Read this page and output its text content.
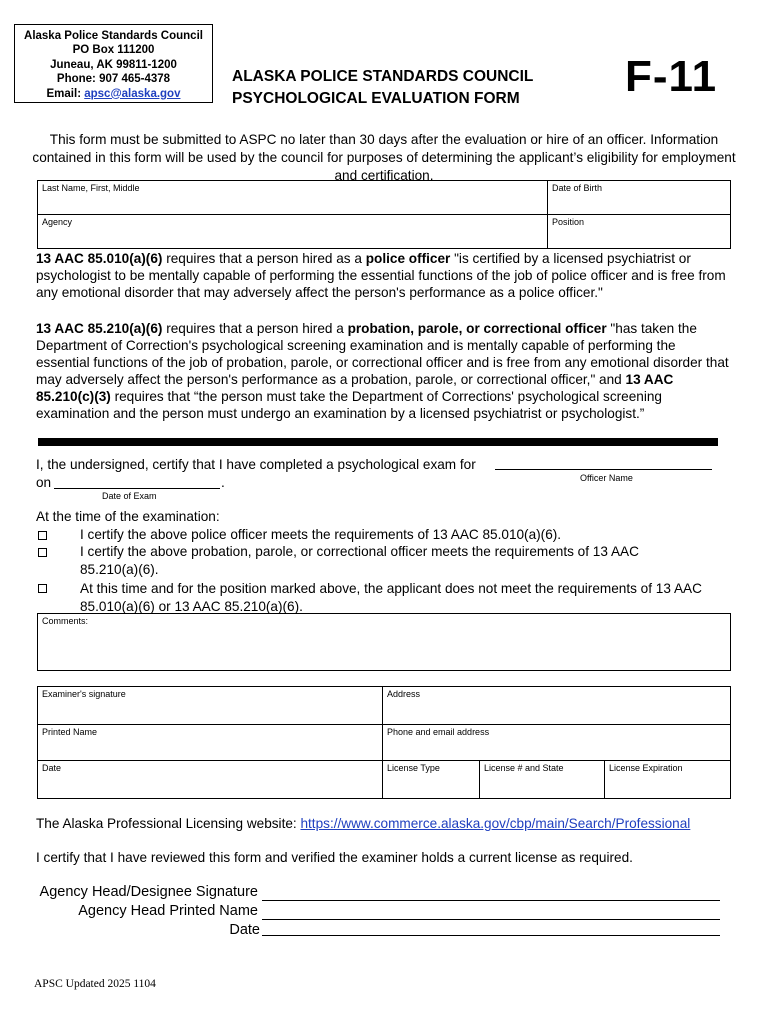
Alaska Police Standards Council
PO Box 111200
Juneau, AK 99811-1200
Phone: 907 465-4378
Email: apsc@alaska.gov
ALASKA POLICE STANDARDS COUNCIL
PSYCHOLOGICAL EVALUATION FORM	F-11
This form must be submitted to ASPC no later than 30 days after the evaluation or hire of an officer. Information contained in this form will be used by the council for purposes of determining the applicant’s eligibility for employment and certification.
Last Name, First, Middle	Date of Birth
Agency	Position
13 AAC 85.010(a)(6) requires that a person hired as a police officer "is certified by a licensed psychiatrist or psychologist to be mentally capable of performing the essential functions of the job of police officer and is free from any emotional disorder that may adversely affect the person's performance as a police officer."
13 AAC 85.210(a)(6) requires that a person hired a probation, parole, or correctional officer "has taken the Department of Correction's psychological screening examination and is mentally capable of performing the essential functions of the job of probation, parole, or correctional officer and is free from any emotional disorder that may adversely affect the person's performance as a probation, parole, or correctional officer," and 13 AAC 85.210(c)(3) requires that “the person must take the Department of Corrections' psychological screening examination and the person must undergo an examination by a licensed psychiatrist or psychologist.”
I, the undersigned, certify that I have completed a psychological exam for
Officer Name
on	.
Date of Exam
At the time of the examination:
I certify the above police officer meets the requirements of 13 AAC 85.010(a)(6).
I certify the above probation, parole, or correctional officer meets the requirements of 13 AAC 85.210(a)(6).
At this time and for the position marked above, the applicant does not meet the requirements of 13 AAC 85.010(a)(6) or 13 AAC 85.210(a)(6).
Comments:
Examiner's signature	Address		
Printed Name	Phone and email address		
Date	License Type	License # and State	License Expiration
The Alaska Professional Licensing website: https://www.commerce.alaska.gov/cbp/main/Search/Professional
I certify that I have reviewed this form and verified the examiner holds a current license as required.
Agency Head/Designee Signature
Agency Head Printed Name
Date
APSC Updated 2025 1104
